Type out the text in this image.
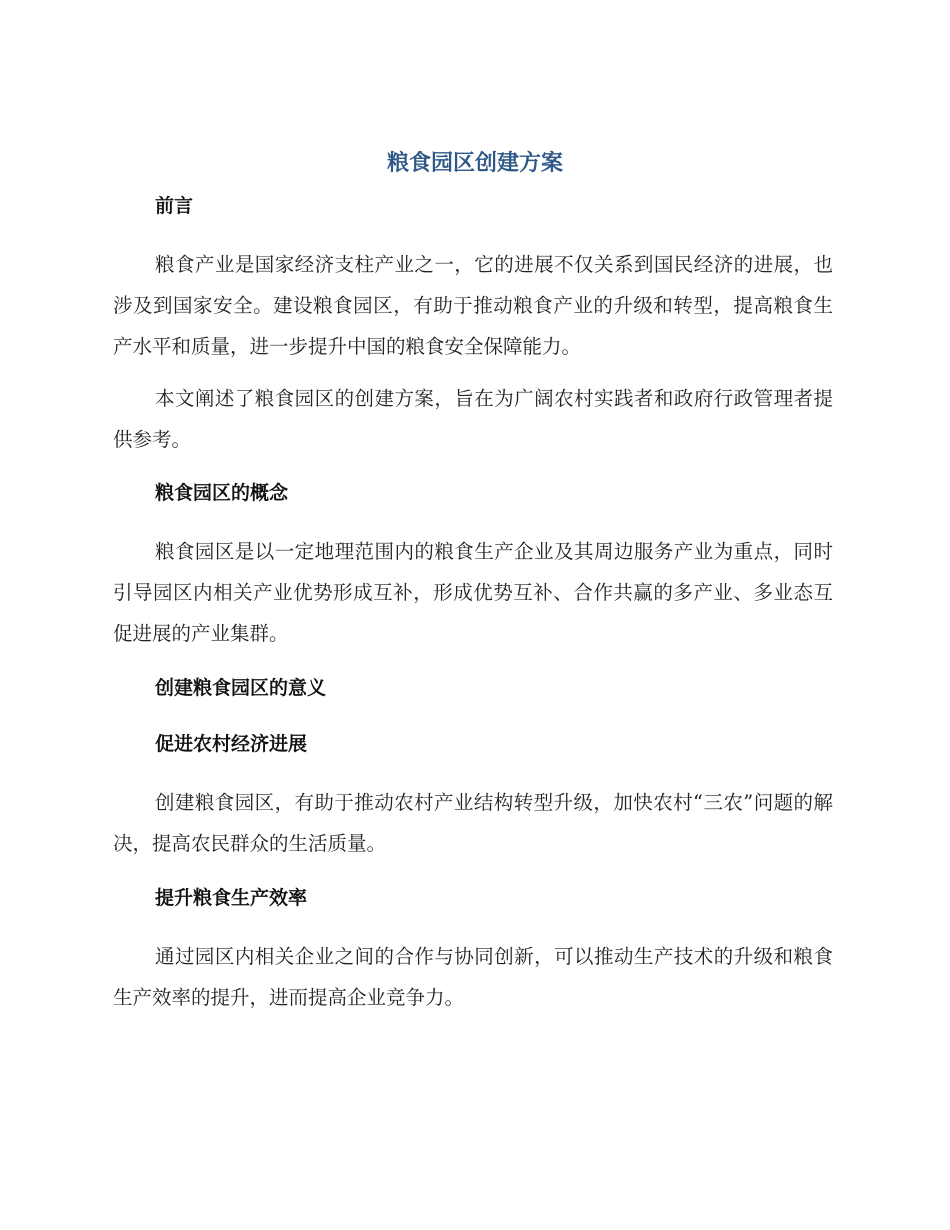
粮食园区创建方案

前言

粮食产业是国家经济支柱产业之一，它的进展不仅关系到国民经济的进展，也涉及到国家安全。建设粮食园区，有助于推动粮食产业的升级和转型，提高粮食生产水平和质量，进一步提升中国的粮食安全保障能力。

本文阐述了粮食园区的创建方案，旨在为广阔农村实践者和政府行政管理者提供参考。

粮食园区的概念

粮食园区是以一定地理范围内的粮食生产企业及其周边服务产业为重点，同时引导园区内相关产业优势形成互补，形成优势互补、合作共赢的多产业、多业态互促进展的产业集群。

创建粮食园区的意义

促进农村经济进展

创建粮食园区，有助于推动农村产业结构转型升级，加快农村“三农”问题的解决，提高农民群众的生活质量。

提升粮食生产效率

通过园区内相关企业之间的合作与协同创新，可以推动生产技术的升级和粮食生产效率的提升，进而提高企业竞争力。
